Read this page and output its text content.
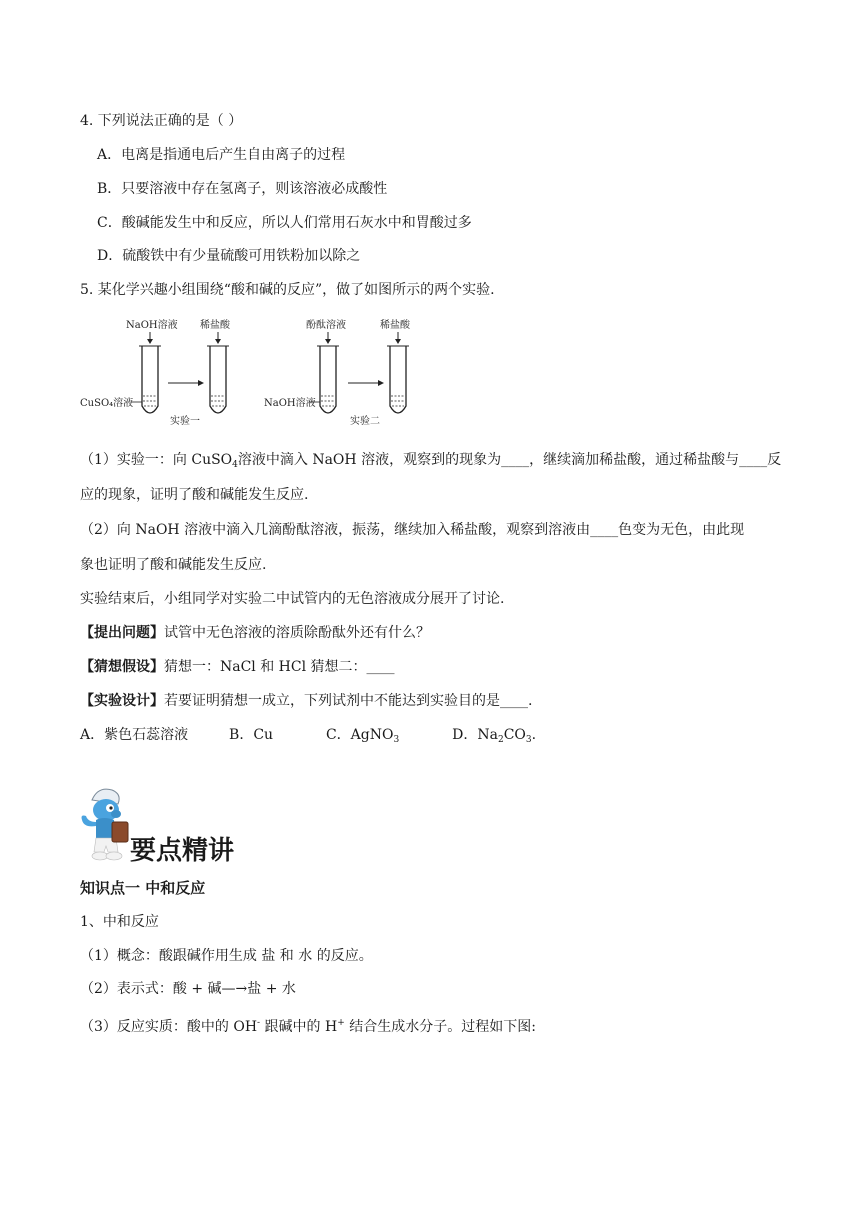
4. 下列说法正确的是（ ）
A．电离是指通电后产生自由离子的过程
B．只要溶液中存在氢离子，则该溶液必成酸性
C．酸碱能发生中和反应，所以人们常用石灰水中和胃酸过多
D．硫酸铁中有少量硫酸可用铁粉加以除之
5. 某化学兴趣小组围绕“酸和碱的反应”，做了如图所示的两个实验.
NaOH溶液 稀盐酸
CuSO₄溶液
实验一
酚酞溶液	稀盐酸
NaOH溶液
实验二
（1）实验一：向 CuSO$_4$溶液中滴入 NaOH 溶液，观察到的现象为____，继续滴加稀盐酸，通过稀盐酸与____反
应的现象，证明了酸和碱能发生反应.
（2）向 NaOH 溶液中滴入几滴酚酞溶液，振荡，继续加入稀盐酸，观察到溶液由____色变为无色，由此现
象也证明了酸和碱能发生反应.
实验结束后，小组同学对实验二中试管内的无色溶液成分展开了讨论.
【提出问题】试管中无色溶液的溶质除酚酞外还有什么？
【猜想假设】猜想一：NaCl 和 HCl 猜想二：____
【实验设计】若要证明猜想一成立，下列试剂中不能达到实验目的是____.
A．紫色石蕊溶液	B．Cu	C．AgNO$_3$	D．$Na_2CO_3$.
要点精讲
知识点一 中和反应
1、中和反应
（1）概念：酸跟碱作用生成 盐 和 水 的反应。
（2）表示式：酸 + 碱—→盐 + 水
（3）反应实质：酸中的 OH- 跟碱中的 H+ 结合生成水分子。过程如下图:
